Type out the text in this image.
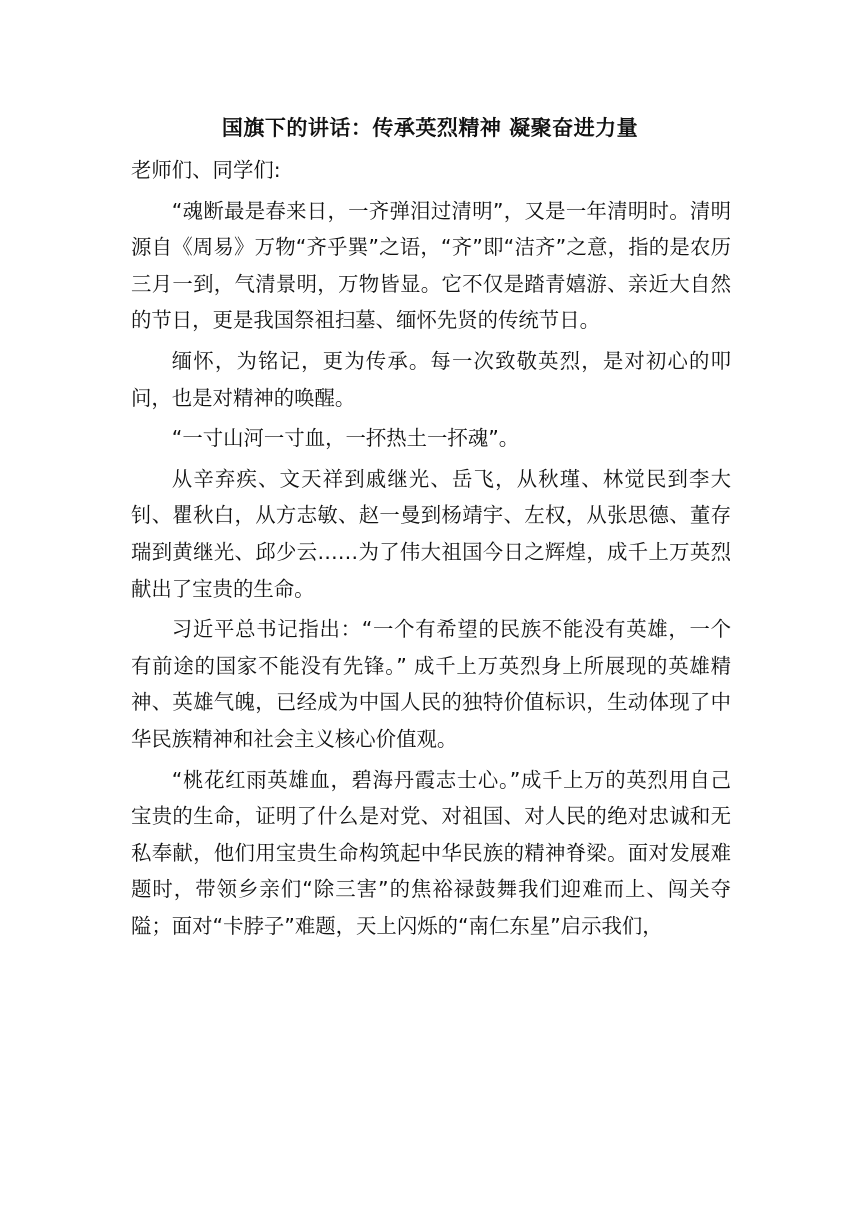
国旗下的讲话：传承英烈精神 凝聚奋进力量

老师们、同学们:

“魂断最是春来日，一齐弹泪过清明”，又是一年清明时。清明源自《周易》万物“齐乎巽”之语，“齐”即“洁齐”之意，指的是农历三月一到，气清景明，万物皆显。它不仅是踏青嬉游、亲近大自然的节日，更是我国祭祖扫墓、缅怀先贤的传统节日。

缅怀，为铭记，更为传承。每一次致敬英烈，是对初心的叩问，也是对精神的唤醒。

“一寸山河一寸血，一抔热土一抔魂”。

从辛弃疾、文天祥到戚继光、岳飞，从秋瑾、林觉民到李大钊、瞿秋白，从方志敏、赵一曼到杨靖宇、左权，从张思德、董存瑞到黄继光、邱少云……为了伟大祖国今日之辉煌，成千上万英烈献出了宝贵的生命。

习近平总书记指出：“一个有希望的民族不能没有英雄，一个有前途的国家不能没有先锋。” 成千上万英烈身上所展现的英雄精神、英雄气魄，已经成为中国人民的独特价值标识，生动体现了中华民族精神和社会主义核心价值观。

“桃花红雨英雄血，碧海丹霞志士心。”成千上万的英烈用自己宝贵的生命，证明了什么是对党、对祖国、对人民的绝对忠诚和无私奉献，他们用宝贵生命构筑起中华民族的精神脊梁。面对发展难题时，带领乡亲们“除三害”的焦裕禄鼓舞我们迎难而上、闯关夺隘；面对“卡脖子”难题，天上闪烁的“南仁东星”启示我们，
